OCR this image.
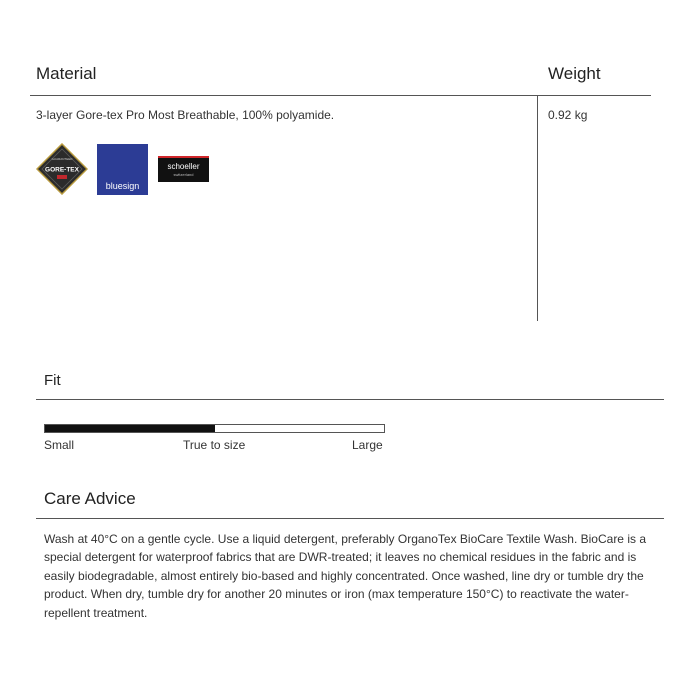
Material	Weight
3-layer Gore-tex Pro Most Breathable, 100% polyamide.	0.92 kg
GUARANTEED
GORE-TEX
bluesign
schoeller
switzerland
Fit
Small	True to size	Large
Care Advice
Wash at 40°C on a gentle cycle. Use a liquid detergent, preferably OrganoTex BioCare Textile Wash. BioCare is a special detergent for waterproof fabrics that are DWR-treated; it leaves no chemical residues in the fabric and is easily biodegradable, almost entirely bio-based and highly concentrated. Once washed, line dry or tumble dry the product. When dry, tumble dry for another 20 minutes or iron (max temperature 150°C) to reactivate the water-repellent treatment.
